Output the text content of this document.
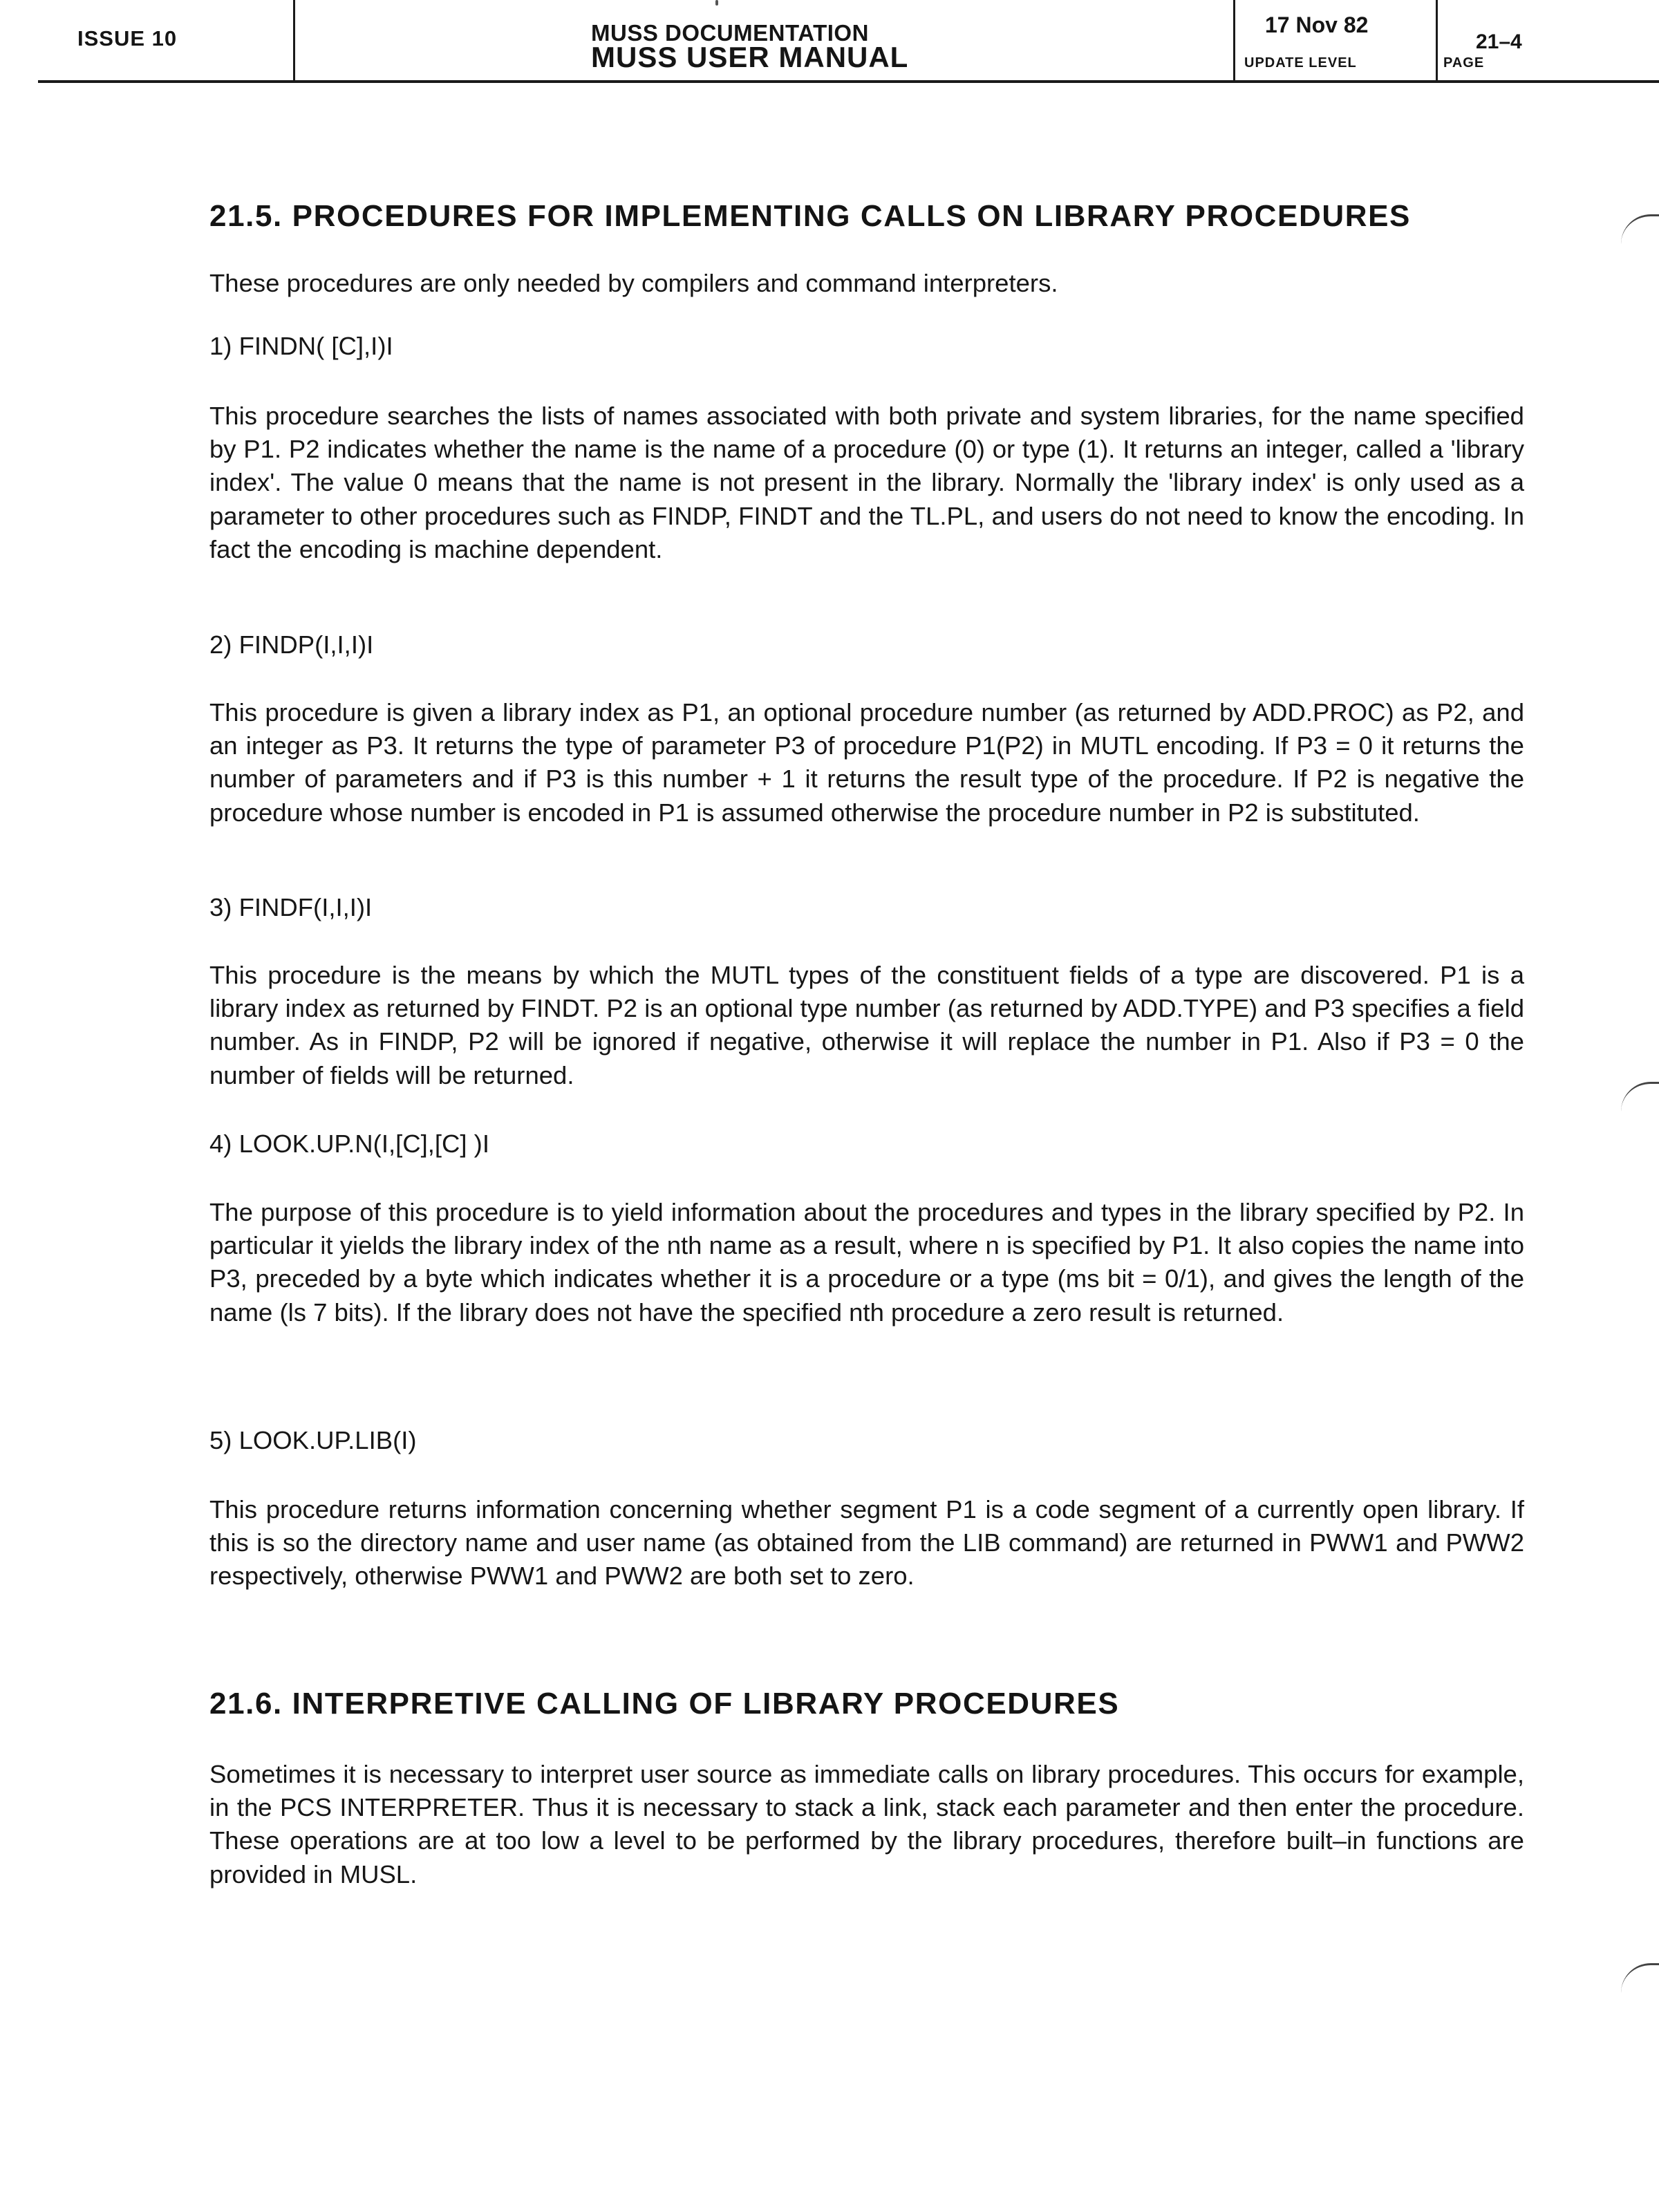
ISSUE 10	MUSS DOCUMENTATION
MUSS USER MANUAL
17 Nov 82
UPDATE LEVEL
21–4
PAGE
21.5. PROCEDURES FOR IMPLEMENTING CALLS ON LIBRARY PROCEDURES
These procedures are only needed by compilers and command interpreters.
1) FINDN( [C],I)I
This procedure searches the lists of names associated with both private and system libraries, for the name specified by P1. P2 indicates whether the name is the name of a procedure (0) or type (1). It returns an integer, called a 'library index'. The value 0 means that the name is not present in the library. Normally the 'library index' is only used as a parameter to other procedures such as FINDP, FINDT and the TL.PL, and users do not need to know the encoding. In fact the encoding is machine dependent.
2) FINDP(I,I,I)I
This procedure is given a library index as P1, an optional procedure number (as returned by ADD.PROC) as P2, and an integer as P3. It returns the type of parameter P3 of procedure P1(P2) in MUTL encoding. If P3 = 0 it returns the number of parameters and if P3 is this number + 1 it returns the result type of the procedure. If P2 is negative the procedure whose number is encoded in P1 is assumed otherwise the procedure number in P2 is substituted.
3) FINDF(I,I,I)I
This procedure is the means by which the MUTL types of the constituent fields of a type are discovered. P1 is a library index as returned by FINDT. P2 is an optional type number (as returned by ADD.TYPE) and P3 specifies a field number. As in FINDP, P2 will be ignored if negative, otherwise it will replace the number in P1. Also if P3 = 0 the number of fields will be returned.
4) LOOK.UP.N(I,[C],[C] )I
The purpose of this procedure is to yield information about the procedures and types in the library specified by P2. In particular it yields the library index of the nth name as a result, where n is specified by P1. It also copies the name into P3, preceded by a byte which indicates whether it is a procedure or a type (ms bit = 0/1), and gives the length of the name (ls 7 bits). If the library does not have the specified nth procedure a zero result is returned.
5) LOOK.UP.LIB(I)
This procedure returns information concerning whether segment P1 is a code segment of a currently open library. If this is so the directory name and user name (as obtained from the LIB command) are returned in PWW1 and PWW2 respectively, otherwise PWW1 and PWW2 are both set to zero.
21.6. INTERPRETIVE CALLING OF LIBRARY PROCEDURES
Sometimes it is necessary to interpret user source as immediate calls on library procedures. This occurs for example, in the PCS INTERPRETER. Thus it is necessary to stack a link, stack each parameter and then enter the procedure. These operations are at too low a level to be performed by the library procedures, therefore built–in functions are provided in MUSL.
